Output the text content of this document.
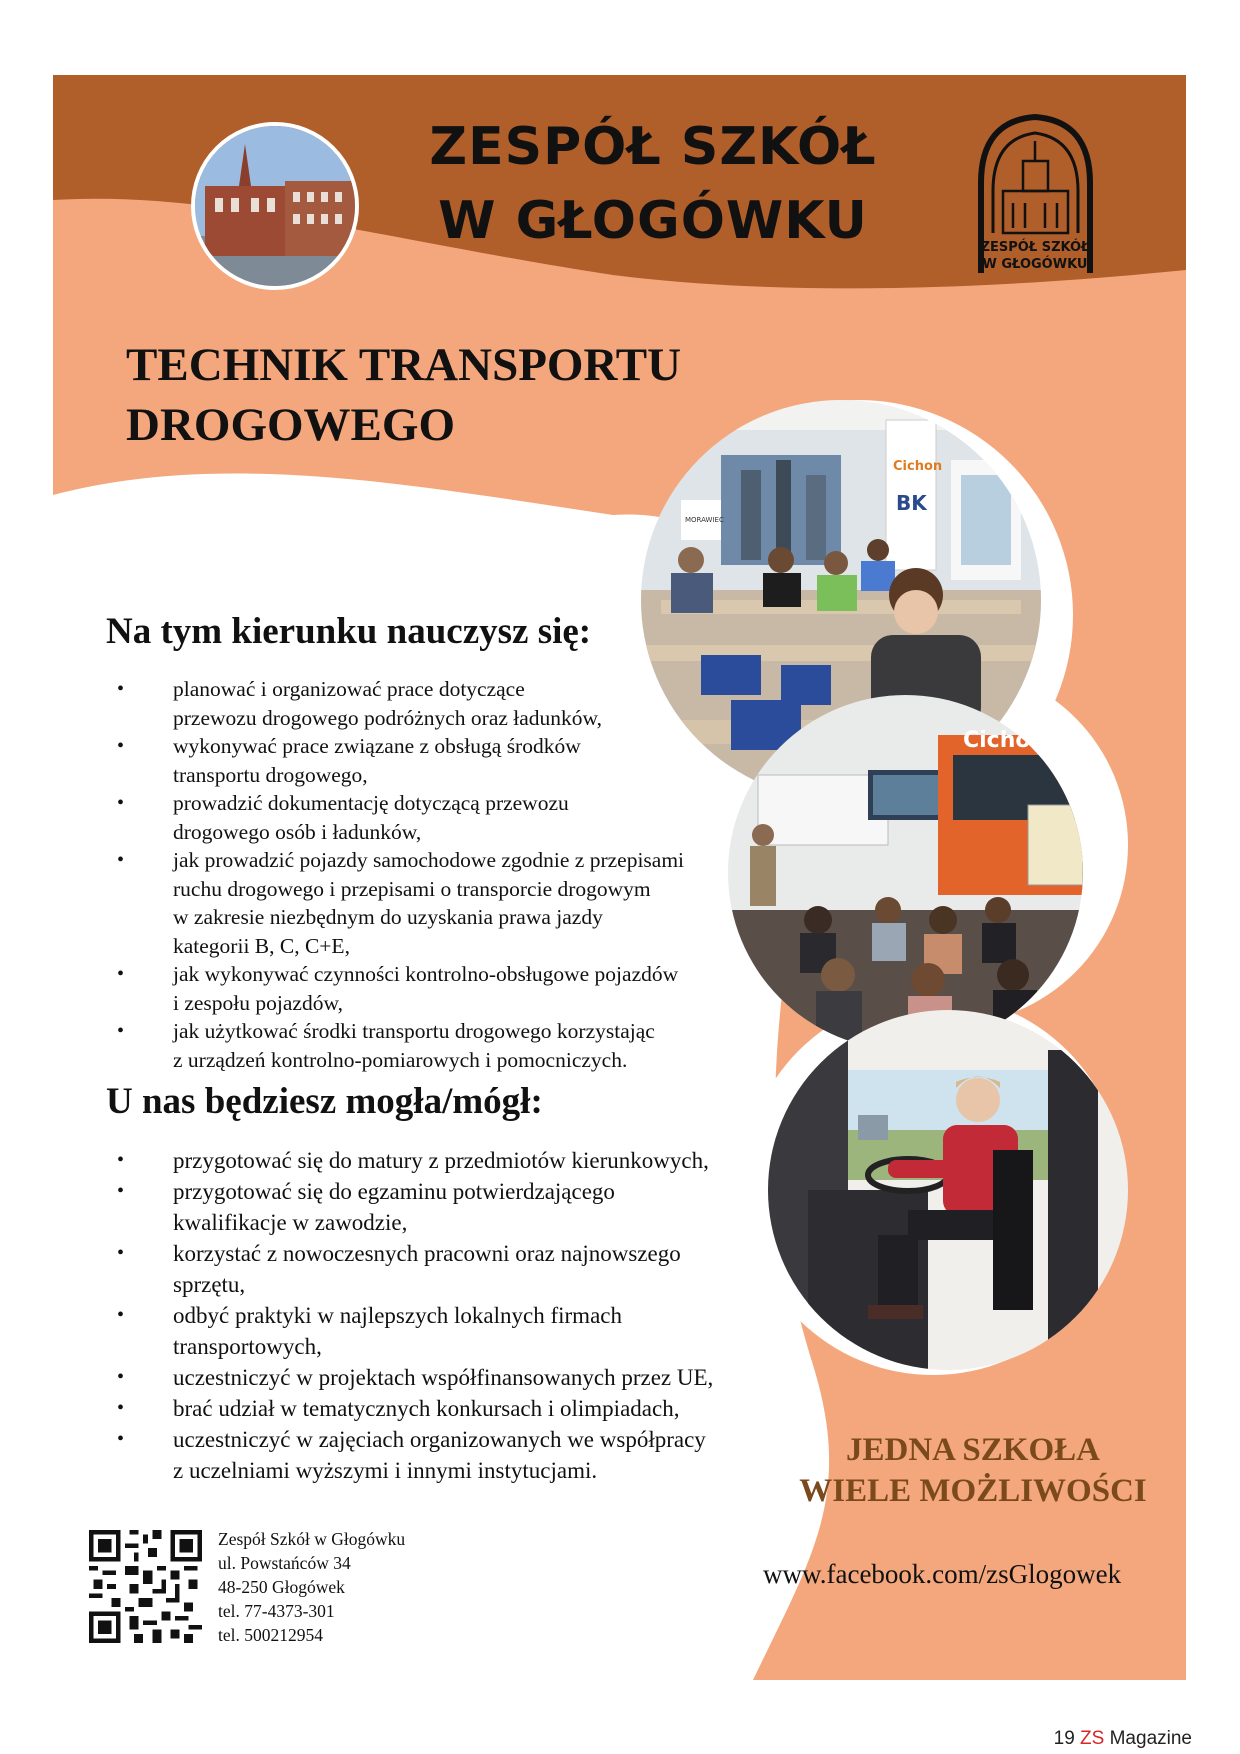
ZESPÓŁ SZKÓŁ
W GŁOGÓWKU	ZESPÓŁ SZKÓŁ
W GŁOGÓWKU
TECHNIK TRANSPORTU
DROGOWEGO
MORAWIEC
Cichon
BK
Cichon
Na tym kierunku nauczysz się:
• planować i organizować prace dotyczące
przewozu drogowego podróżnych oraz ładunków,
• wykonywać prace związane z obsługą środków
transportu drogowego,
• prowadzić dokumentację dotyczącą przewozu
drogowego osób i ładunków,
• jak prowadzić pojazdy samochodowe zgodnie z przepisami
ruchu drogowego i przepisami o transporcie drogowym
w zakresie niezbędnym do uzyskania prawa jazdy
kategorii B, C, C+E,
• jak wykonywać czynności kontrolno-obsługowe pojazdów
i zespołu pojazdów,
• jak użytkować środki transportu drogowego korzystając
z urządzeń kontrolno-pomiarowych i pomocniczych.
U nas będziesz mogła/mógł:
• przygotować się do matury z przedmiotów kierunkowych,
• przygotować się do egzaminu potwierdzającego
kwalifikacje w zawodzie,
• korzystać z nowoczesnych pracowni oraz najnowszego
sprzętu,
• odbyć praktyki w najlepszych lokalnych firmach
transportowych,
• uczestniczyć w projektach współfinansowanych przez UE,
• brać udział w tematycznych konkursach i olimpiadach,
• uczestniczyć w zajęciach organizowanych we współpracy
z uczelniami wyższymi i innymi instytucjami.
JEDNA SZKOŁA
WIELE MOŻLIWOŚCI
www.facebook.com/zsGlogowek
Zespół Szkół w Głogówku
ul. Powstańców 34
48-250 Głogówek
tel. 77-4373-301
tel. 500212954
19 ZS Magazine
